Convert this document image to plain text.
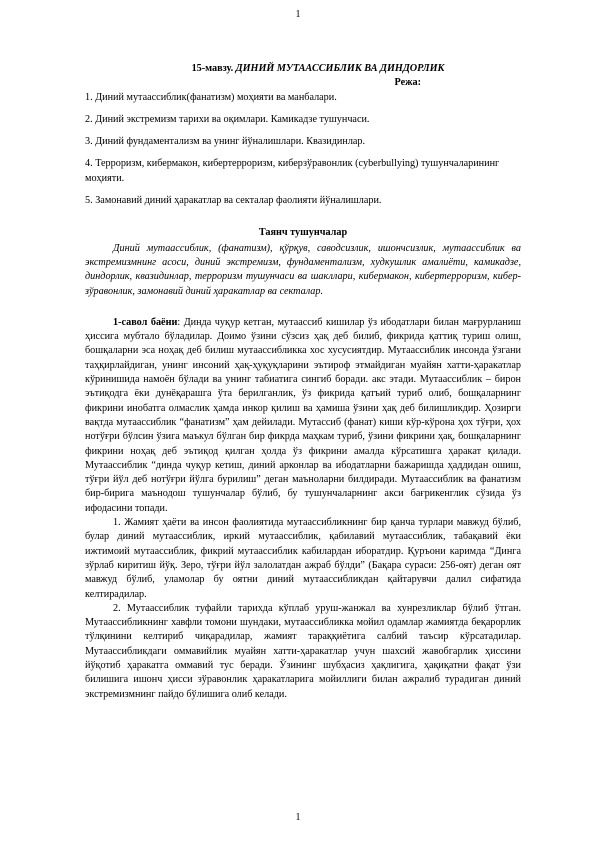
1
15-мавзу. ДИНИЙ МУТААССИБЛИК ВА ДИНДОРЛИК
Режа:
1. Диний мутаассиблик(фанатизм) моҳияти ва манбалари.
2. Диний экстремизм тарихи ва оқимлари. Камикадзе тушунчаси.
3. Диний фундаментализм ва унинг йўналишлари. Квазидинлар.
4. Терроризм, кибермакон, кибертерроризм, киберзўравонлик (cyberbullying) тушунчаларининг моҳияти.
5. Замонавий диний ҳаракатлар ва секталар фаолияти йўналишлари.
Таянч тушунчалар

Диний мутаассиблик, (фанатизм), қўрқув, саводсизлик, ишончсизлик, мутаассиблик ва экстремизмнинг асоси, диний экстремизм, фундаментализм, худкушлик амалиёти, камикадзе, диндорлик, квазидинлар, терроризм тушунчаси ва шакллари, кибермакон, кибертерроризм, киберзўравонлик, замонавий диний ҳаракатлар ва секталар.

1-савол баёни: Динда чуқур кетган, мутаассиб кишилар ўз ибодатлари билан мағрурланиш ҳиссига мубтало бўладилар. Доимо ўзини сўзсиз ҳақ деб билиб, фикрида қаттиқ туриш олиш, бошқаларни эса ноҳақ деб билиш мутаассибликка хос хусусиятдир. Мутаассиблик инсонда ўзгани таҳқирлайдиган, унинг инсоний ҳақ-ҳуқуқларини эътироф этмайдиган муайян хатти-ҳаракатлар кўринишида намоён бўлади ва унинг табиатига сингиб боради. акс этади. Мутаассиблик – бирон эътиқодга ёки дунёқарашга ўта берилганлик, ўз фикрида қатъий туриб олиб, бошқаларнинг фикрини инобатга олмаслик ҳамда инкор қилиш ва ҳамиша ўзини ҳақ деб билишликдир. Ҳозирги вақтда мутаассиблик “фанатизм” ҳам дейилади. Мутассиб (фанат) киши кўр-кўрона ҳох тўғри, ҳох нотўғри бўлсин ўзига маъкул бўлган бир фикрда маҳкам туриб, ўзини фикрини ҳақ, бошқаларнинг фикрини ноҳақ деб эътиқод қилган ҳолда ўз фикрини амалда кўрсатишга ҳаракат қилади. Мутаассиблик “динда чуқур кетиш, диний арконлар ва ибодатларни бажаришда ҳаддидан ошиш, тўғри йўл деб нотўғри йўлга бурилиш” деган маъноларни билдиради. Мутаассиблик ва фанатизм бир-бирига маънодош тушунчалар бўлиб, бу тушунчаларнинг акси бағрикенглик сўзида ўз ифодасини топади.

1. Жамият ҳаёти ва инсон фаолиятида мутаассибликнинг бир қанча турлари мавжуд бўлиб, булар диний мутаассиблик, иркий мутаассиблик, қабилавий мутаассиблик, табақавий ёки ижтимоий мутаассиблик, фикрий мутаассиблик кабилардан иборатдир. Қуръони каримда “Динга зўрлаб киритиш йўқ. Зеро, тўғри йўл залолатдан ажраб бўлди” (Бақара сураси: 256-оят) деган оят мавжуд бўлиб, уламолар бу оятни диний мутаассибликдан қайтарувчи далил сифатида келтирадилар.

2. Мутаассиблик туфайли тарихда кўплаб уруш-жанжал ва хунрезликлар бўлиб ўтган. Мутаассибликнинг хавфли томони шундаки, мутаассибликка мойил одамлар жамиятда беқарорлик тўлқинини келтириб чиқарадилар, жамият тараққиётига салбий таъсир кўрсатадилар. Мутаассибликдаги оммавийлик муайян хатти-ҳаракатлар учун шахсий жавобгарлик ҳиссини йўқотиб ҳаракатга оммавий тус беради. Ўзининг шубҳасиз ҳақлигига, ҳақиқатни фақат ўзи билишига ишонч ҳисси зўравонлик ҳаракатларига мойиллиги билан ажралиб турадиган диний экстремизмнинг пайдо бўлишига олиб келади.

1
